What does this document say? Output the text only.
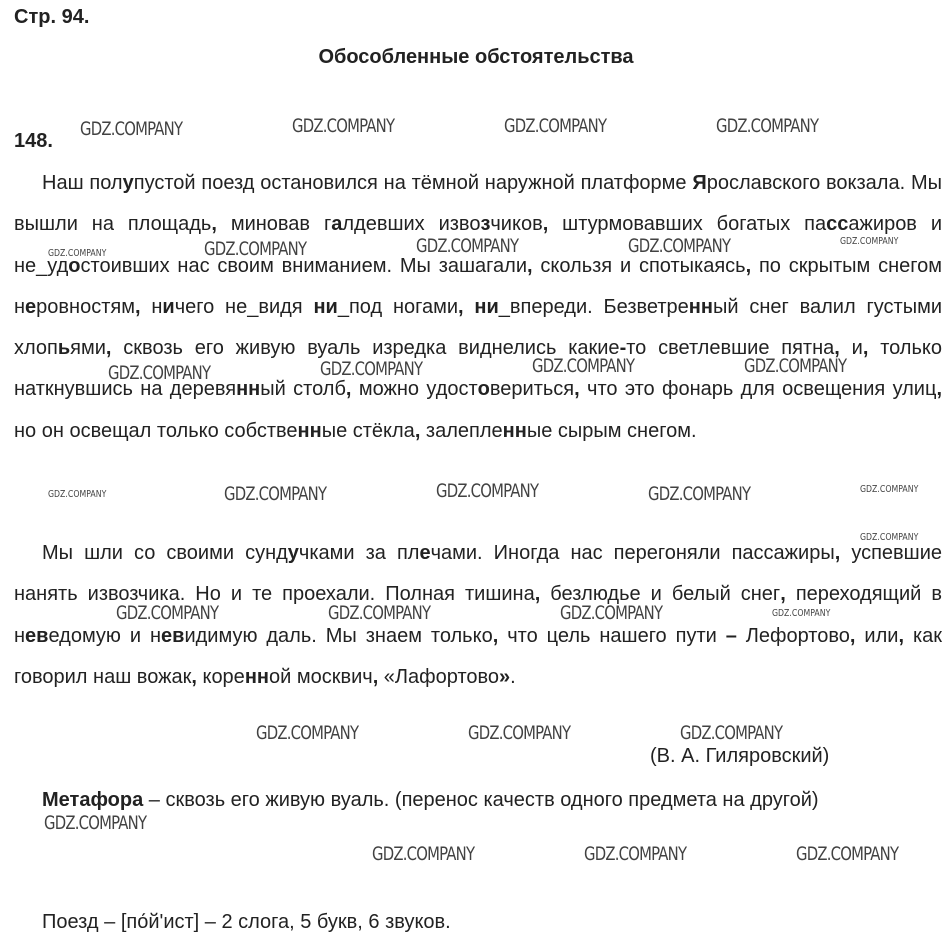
Стр. 94.
Обособленные обстоятельства
148.

Наш полупустой поезд остановился на тёмной наружной платформе Ярославского вокзала. Мы вышли на площадь, миновав галдевших извозчиков, штурмовавших богатых пассажиров и не_удостоивших нас своим вниманием. Мы зашагали, скользя и спотыкаясь, по скрытым снегом неровностям, ничего не_видя ни_под ногами, ни_впереди. Безветренный снег валил густыми хлопьями, сквозь его живую вуаль изредка виднелись какие-то светлевшие пятна, и, только наткнувшись на деревянный столб, можно удостовериться, что это фонарь для освещения улиц, но он освещал только собственные стёкла, залепленные сырым снегом.

Мы шли со своими сундучками за плечами. Иногда нас перегоняли пассажиры, успевшие нанять извозчика. Но и те проехали. Полная тишина, безлюдье и белый снег, переходящий в неведомую и невидимую даль. Мы знаем только, что цель нашего пути – Лефортово, или, как говорил наш вожак, коренной москвич, «Лафортово».

(В. А. Гиляровский)

Метафора – сквозь его живую вуаль. (перенос качеств одного предмета на другой)

Поезд – [по́й'ист] – 2 слога, 5 букв, 6 звуков.
GDZ.COMPANY	GDZ.COMPANY	GDZ.COMPANY	GDZ.COMPANY
GDZ.COMPANY	GDZ.COMPANY	GDZ.COMPANY	GDZ.COMPANY	GDZ.COMPANY
GDZ.COMPANY	GDZ.COMPANY	GDZ.COMPANY	GDZ.COMPANY
GDZ.COMPANY	GDZ.COMPANY	GDZ.COMPANY	GDZ.COMPANY	GDZ.COMPANY
GDZ.COMPANY
GDZ.COMPANY	GDZ.COMPANY	GDZ.COMPANY	GDZ.COMPANY
GDZ.COMPANY	GDZ.COMPANY	GDZ.COMPANY
GDZ.COMPANY
GDZ.COMPANY	GDZ.COMPANY	GDZ.COMPANY
